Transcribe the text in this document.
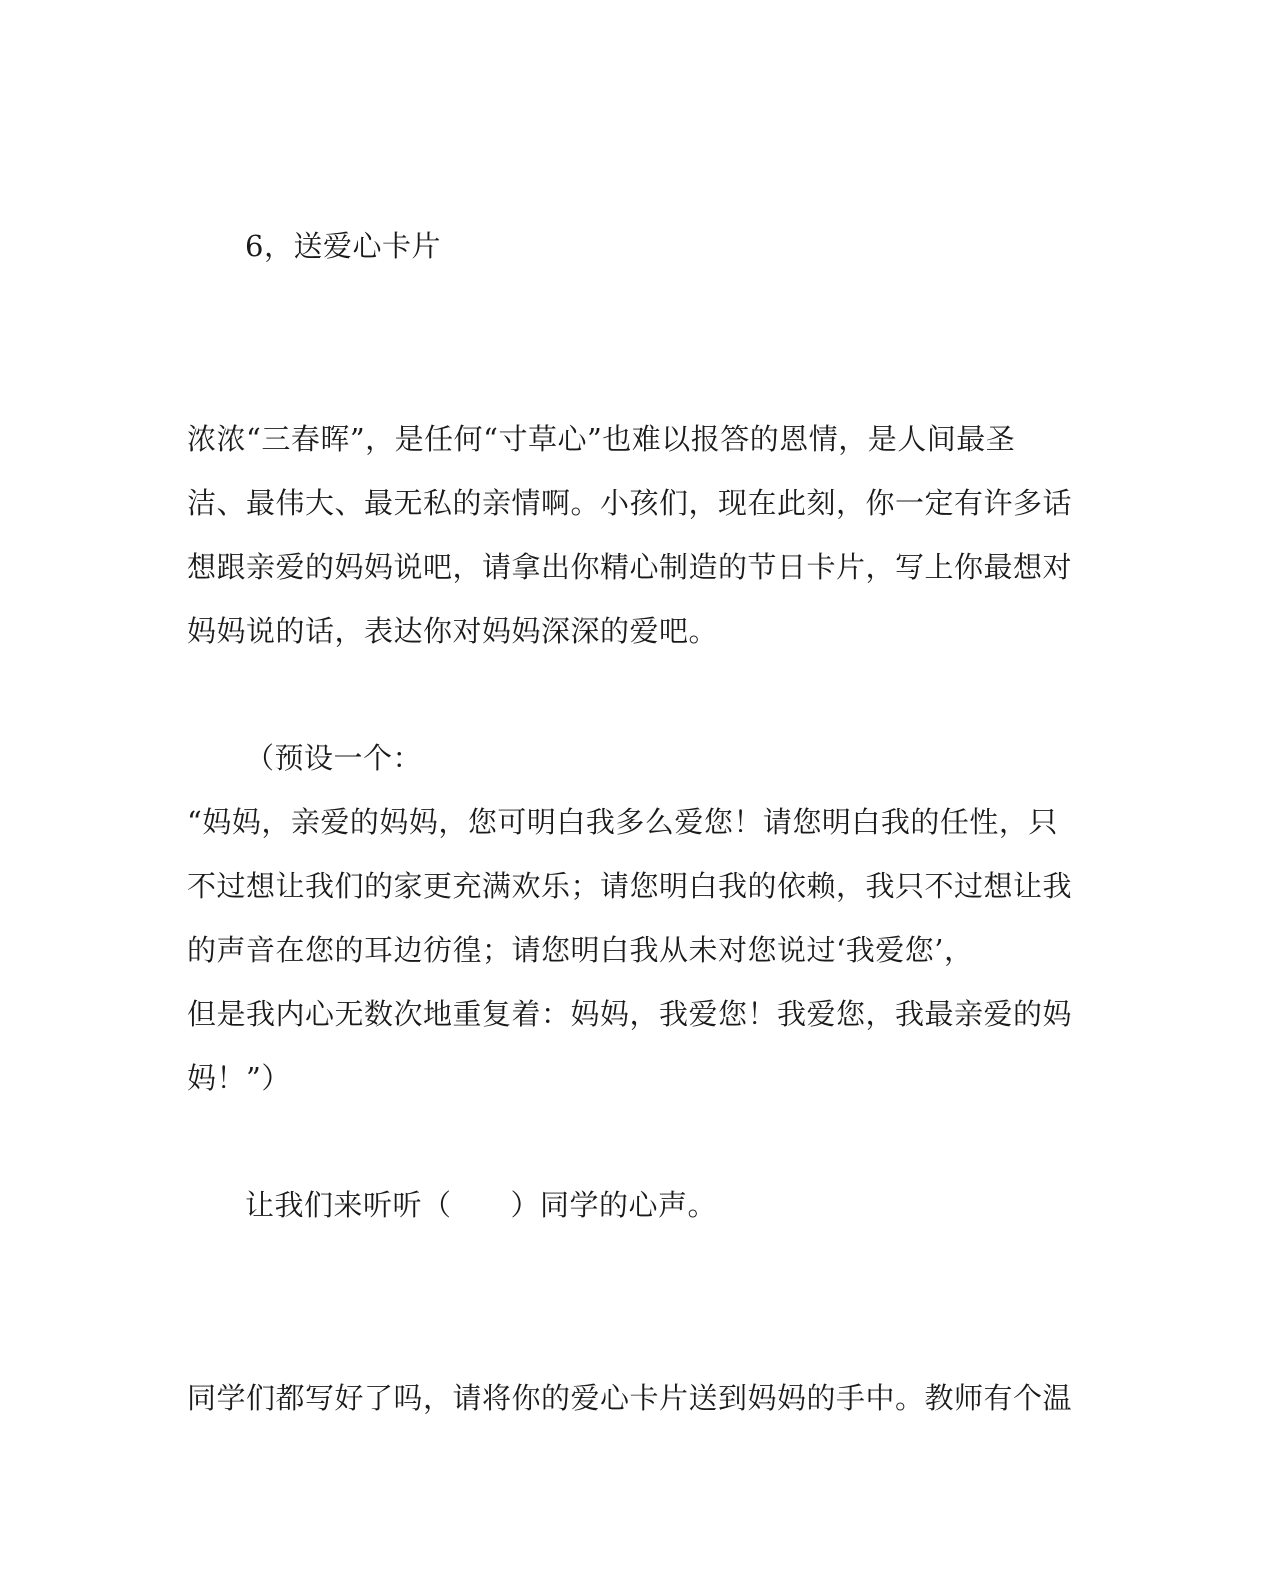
6，送爱心卡片
浓浓“三春晖”，是任何“寸草心”也难以报答的恩情，是人间最圣
洁、最伟大、最无私的亲情啊。小孩们，现在此刻，你一定有许多话
想跟亲爱的妈妈说吧，请拿出你精心制造的节日卡片，写上你最想对
妈妈说的话，表达你对妈妈深深的爱吧。
（预设一个：
“妈妈，亲爱的妈妈，您可明白我多么爱您！请您明白我的任性，只
不过想让我们的家更充满欢乐；请您明白我的依赖，我只不过想让我
的声音在您的耳边彷徨；请您明白我从未对您说过‘我爱您’，
但是我内心无数次地重复着：妈妈，我爱您！我爱您，我最亲爱的妈
妈！”）
让我们来听听（　　）同学的心声。
同学们都写好了吗，请将你的爱心卡片送到妈妈的手中。教师有个温
